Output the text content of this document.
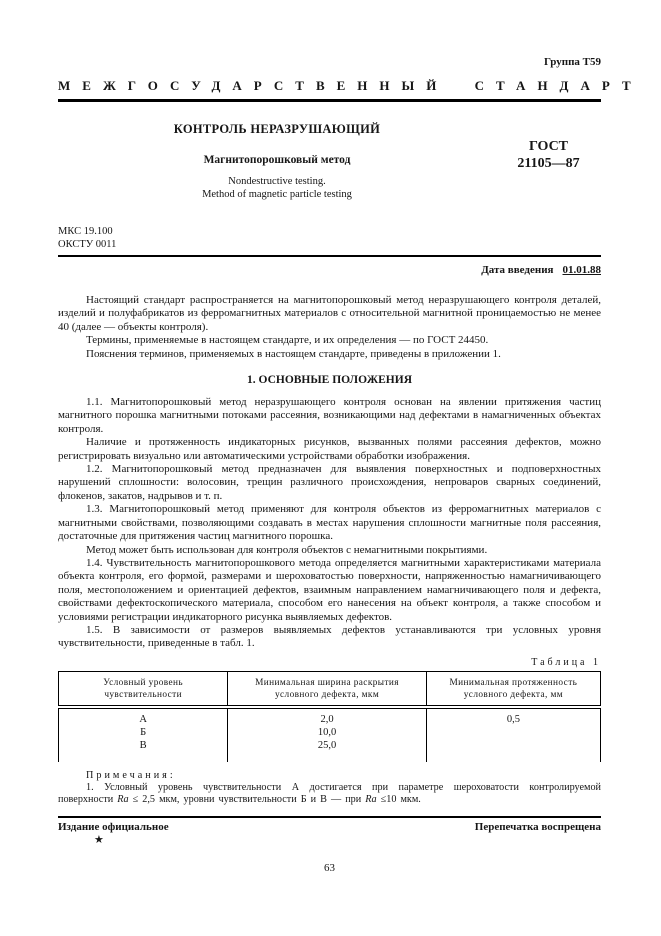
Группа Т59
МЕЖГОСУДАРСТВЕННЫЙ СТАНДАРТ
КОНТРОЛЬ НЕРАЗРУШАЮЩИЙ
Магнитопорошковый метод
Nondestructive testing.
Method of magnetic particle testing
ГОСТ
21105—87
МКС 19.100
ОКСТУ 0011
Дата введения 01.01.88

Настоящий стандарт распространяется на магнитопорошковый метод неразрушающего контроля деталей, изделий и полуфабрикатов из ферромагнитных материалов с относительной магнитной проницаемостью не менее 40 (далее — объекты контроля).

Термины, применяемые в настоящем стандарте, и их определения — по ГОСТ 24450.

Пояснения терминов, применяемых в настоящем стандарте, приведены в приложении 1.

1. ОСНОВНЫЕ ПОЛОЖЕНИЯ

1.1. Магнитопорошковый метод неразрушающего контроля основан на явлении притяжения частиц магнитного порошка магнитными потоками рассеяния, возникающими над дефектами в намагниченных объектах контроля.

Наличие и протяженность индикаторных рисунков, вызванных полями рассеяния дефектов, можно регистрировать визуально или автоматическими устройствами обработки изображения.

1.2. Магнитопорошковый метод предназначен для выявления поверхностных и подповерхностных нарушений сплошности: волосовин, трещин различного происхождения, непроваров сварных соединений, флокенов, закатов, надрывов и т. п.

1.3. Магнитопорошковый метод применяют для контроля объектов из ферромагнитных материалов с магнитными свойствами, позволяющими создавать в местах нарушения сплошности магнитные поля рассеяния, достаточные для притяжения частиц магнитного порошка.

Метод может быть использован для контроля объектов с немагнитными покрытиями.

1.4. Чувствительность магнитопорошкового метода определяется магнитными характеристиками материала объекта контроля, его формой, размерами и шероховатостью поверхности, напряженностью намагничивающего поля, местоположением и ориентацией дефектов, взаимным направлением намагничивающего поля и дефекта, свойствами дефектоскопического материала, способом его нанесения на объект контроля, а также способом и условиями регистрации индикаторного рисунка выявляемых дефектов.

1.5. В зависимости от размеров выявляемых дефектов устанавливаются три условных уровня чувствительности, приведенные в табл. 1.

Таблица 1
Условный уровень чувствительности	Минимальная ширина раскрытия условного дефекта, мкм	Минимальная протяженность условного дефекта, мм
А	2,0	0,5
Б	10,0	
В	25,0	
Примечания:

1. Условный уровень чувствительности А достигается при параметре шероховатости контролируемой поверхности Ra ≤ 2,5 мкм, уровни чувствительности Б и В — при Ra ≤10 мкм.

Издание официальное	Перепечатка воспрещена
★
63
